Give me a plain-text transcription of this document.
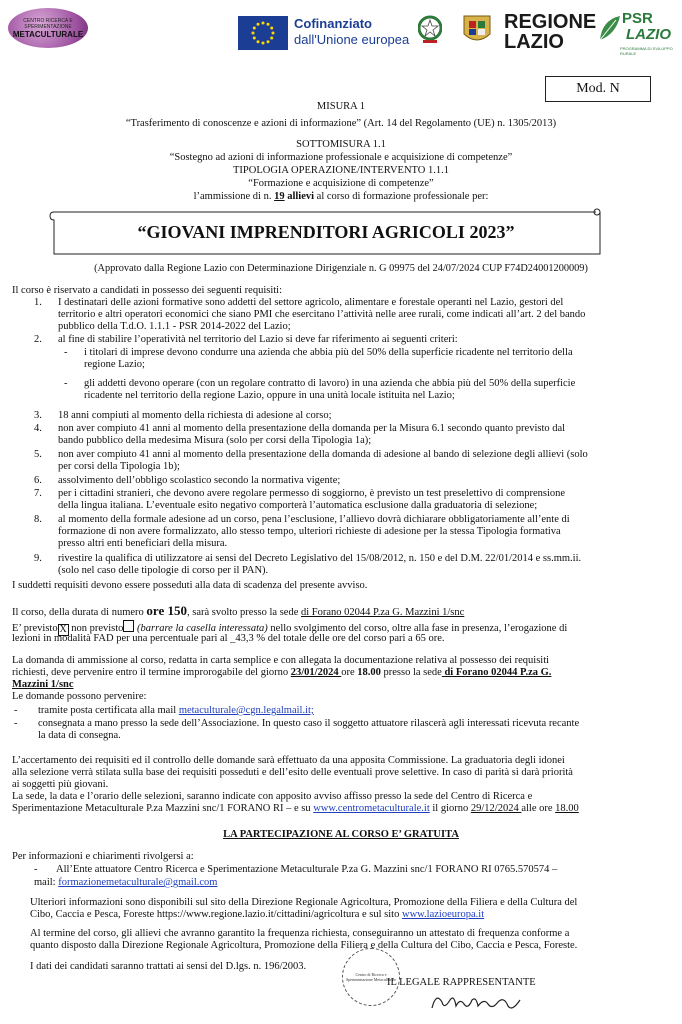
CENTRO RICERCA E SPERIMENTAZIONE
METACULTURALE
Cofinanziato
dall'Unione europea
REGIONE
LAZIO
PSR
LAZIO
PROGRAMMA DI SVILUPPO RURALE
Mod. N
MISURA 1
“Trasferimento di conoscenze e azioni di informazione” (Art. 14 del Regolamento (UE) n. 1305/2013)
SOTTOMISURA 1.1
“Sostegno ad azioni di informazione professionale e acquisizione di competenze”
TIPOLOGIA OPERAZIONE/INTERVENTO 1.1.1
“Formazione e acquisizione di competenze”
l’ammissione di n. 19 allievi al corso di formazione professionale per:
“GIOVANI IMPRENDITORI AGRICOLI 2023”
(Approvato dalla Regione Lazio con Determinazione Dirigenziale n. G 09975 del 24/07/2024 CUP F74D24001200009)
Il corso è riservato a candidati in possesso dei seguenti requisiti:
1. I destinatari delle azioni formative sono addetti del settore agricolo, alimentare e forestale operanti nel Lazio, gestori del
territorio e altri operatori economici che siano PMI che esercitano l’attività nelle aree rurali, come indicati all’art. 2 del bando
pubblico della T.d.O. 1.1.1 - PSR 2014-2022 del Lazio;
2. al fine di stabilire l’operatività nel territorio del Lazio si deve far riferimento ai seguenti criteri:
- i titolari di imprese devono condurre una azienda che abbia più del 50% della superficie ricadente nel territorio della
regione Lazio;
- gli addetti devono operare (con un regolare contratto di lavoro) in una azienda che abbia più del 50% della superficie
ricadente nel territorio della regione Lazio, oppure in una unità locale istituita nel Lazio;
3. 18 anni compiuti al momento della richiesta di adesione al corso;
4. non aver compiuto 41 anni al momento della presentazione della domanda per la Misura 6.1 secondo quanto previsto dal
bando pubblico della medesima Misura (solo per corsi della Tipologia 1a);
5. non aver compiuto 41 anni al momento della presentazione della domanda di adesione al bando di selezione degli allievi (solo
per corsi della Tipologia 1b);
6. assolvimento dell’obbligo scolastico secondo la normativa vigente;
7. per i cittadini stranieri, che devono avere regolare permesso di soggiorno, è previsto un test preselettivo di comprensione
della lingua italiana. L’eventuale esito negativo comporterà l’automatica esclusione dalla graduatoria di selezione;
8. al momento della formale adesione ad un corso, pena l’esclusione, l’allievo dovrà dichiarare obbligatoriamente all’ente di
formazione di non avere formalizzato, allo stesso tempo, ulteriori richieste di adesione per la stessa Tipologia formativa
presso altri enti beneficiari della misura.
9. rivestire la qualifica di utilizzatore ai sensi del Decreto Legislativo del 15/08/2012, n. 150 e del D.M. 22/01/2014 e ss.mm.ii.
(solo nel caso delle tipologie di corso per il PAN).
I suddetti requisiti devono essere posseduti alla data di scadenza del presente avviso.
Il corso, della durata di numero ore 150, sarà svolto presso la sede di Forano 02044 P.za G. Mazzini 1/snc
E’ previsto X non previsto (barrare la casella interessata) nello svolgimento del corso, oltre alla fase in presenza, l’erogazione di
lezioni in modalità FAD per una percentuale pari al _43,3 % del totale delle ore del corso pari a 65 ore.
La domanda di ammissione al corso, redatta in carta semplice e con allegata la documentazione relativa al possesso dei requisiti
richiesti, deve pervenire entro il termine improrogabile del giorno 23/01/2024 ore 18.00 presso la sede di Forano 02044 P.za G.
Mazzini 1/snc
Le domande possono pervenire:
- tramite posta certificata alla mail metaculturale@cgn.legalmail.it;
- consegnata a mano presso la sede dell’Associazione. In questo caso il soggetto attuatore rilascerà agli interessati ricevuta recante
la data di consegna.
L’accertamento dei requisiti ed il controllo delle domande sarà effettuato da una apposita Commissione. La graduatoria degli idonei
alla selezione verrà stilata sulla base dei requisiti posseduti e dell’esito delle eventuali prove selettive. In caso di parità si darà priorità
ai soggetti più giovani.
La sede, la data e l’orario delle selezioni, saranno indicate con apposito avviso affisso presso la sede del Centro di Ricerca e
Sperimentazione Metaculturale P.za Mazzini snc/1 FORANO RI – e su www.centrometaculturale.it il giorno 29/12/2024 alle ore 18.00
LA PARTECIPAZIONE AL CORSO E’ GRATUITA
Per informazioni e chiarimenti rivolgersi a:
- All’Ente attuatore Centro Ricerca e Sperimentazione Metaculturale P.za G. Mazzini snc/1 FORANO RI 0765.570574 –
mail: formazionemetaculturale@gmail.com
Ulteriori informazioni sono disponibili sul sito della Direzione Regionale Agricoltura, Promozione della Filiera e della Cultura del
Cibo, Caccia e Pesca, Foreste https://www.regione.lazio.it/cittadini/agricoltura e sul sito www.lazioeuropa.it
Al termine del corso, gli allievi che avranno garantito la frequenza richiesta, conseguiranno un attestato di frequenza conforme a
quanto disposto dalla Direzione Regionale Agricoltura, Promozione della Filiera e della Cultura del Cibo, Caccia e Pesca, Foreste.
I dati dei candidati saranno trattati ai sensi del D.lgs. n. 196/2003.
Centro di Ricerca e Sperimentazione Metaculturale
IL LEGALE RAPPRESENTANTE
